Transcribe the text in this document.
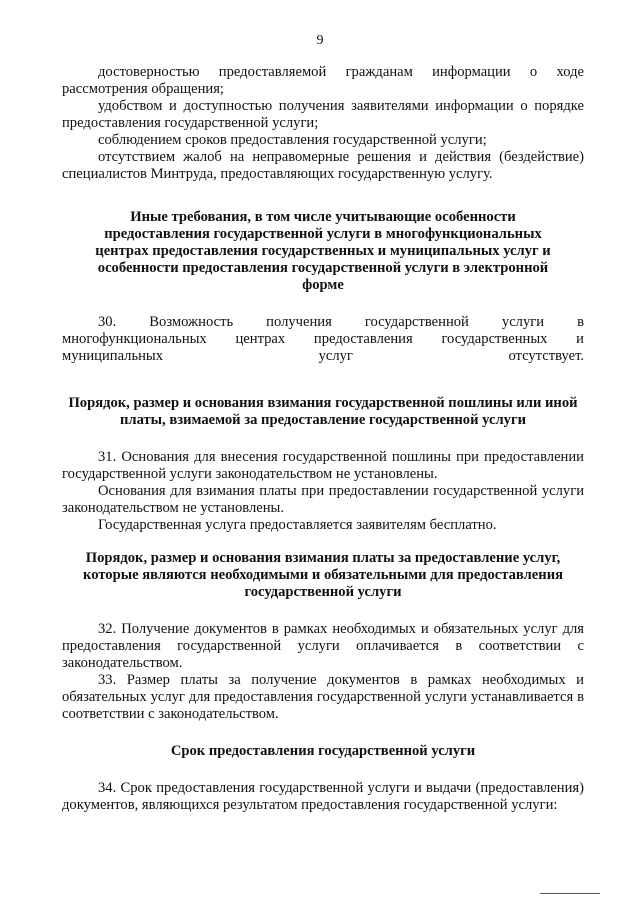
9

достоверностью предоставляемой гражданам информации о ходе рассмотрения обращения;

удобством и доступностью получения заявителями информации о порядке предоставления государственной услуги;

соблюдением сроков предоставления государственной услуги;

отсутствием жалоб на неправомерные решения и действия (бездействие) специалистов Минтруда, предоставляющих государственную услугу.

Иные требования, в том числе учитывающие особенности предоставления государственной услуги в многофункциональных центрах предоставления государственных и муниципальных услуг и особенности предоставления государственной услуги в электронной форме

30. Возможность получения государственной услуги в многофункциональных центрах предоставления государственных и муниципальных услуг отсутствует.

Порядок, размер и основания взимания государственной пошлины или иной платы, взимаемой за предоставление государственной услуги

31. Основания для внесения государственной пошлины при предоставлении государственной услуги законодательством не установлены.

Основания для взимания платы при предоставлении государственной услуги законодательством не установлены.

Государственная услуга предоставляется заявителям бесплатно.

Порядок, размер и основания взимания платы за предоставление услуг, которые являются необходимыми и обязательными для предоставления государственной услуги

32. Получение документов в рамках необходимых и обязательных услуг для предоставления государственной услуги оплачивается в соответствии с законодательством.

33. Размер платы за получение документов в рамках необходимых и обязательных услуг для предоставления государственной услуги устанавливается в соответствии с законодательством.

Срок предоставления государственной услуги

34. Срок предоставления государственной услуги и выдачи (предоставления) документов, являющихся результатом предоставления государственной услуги:
